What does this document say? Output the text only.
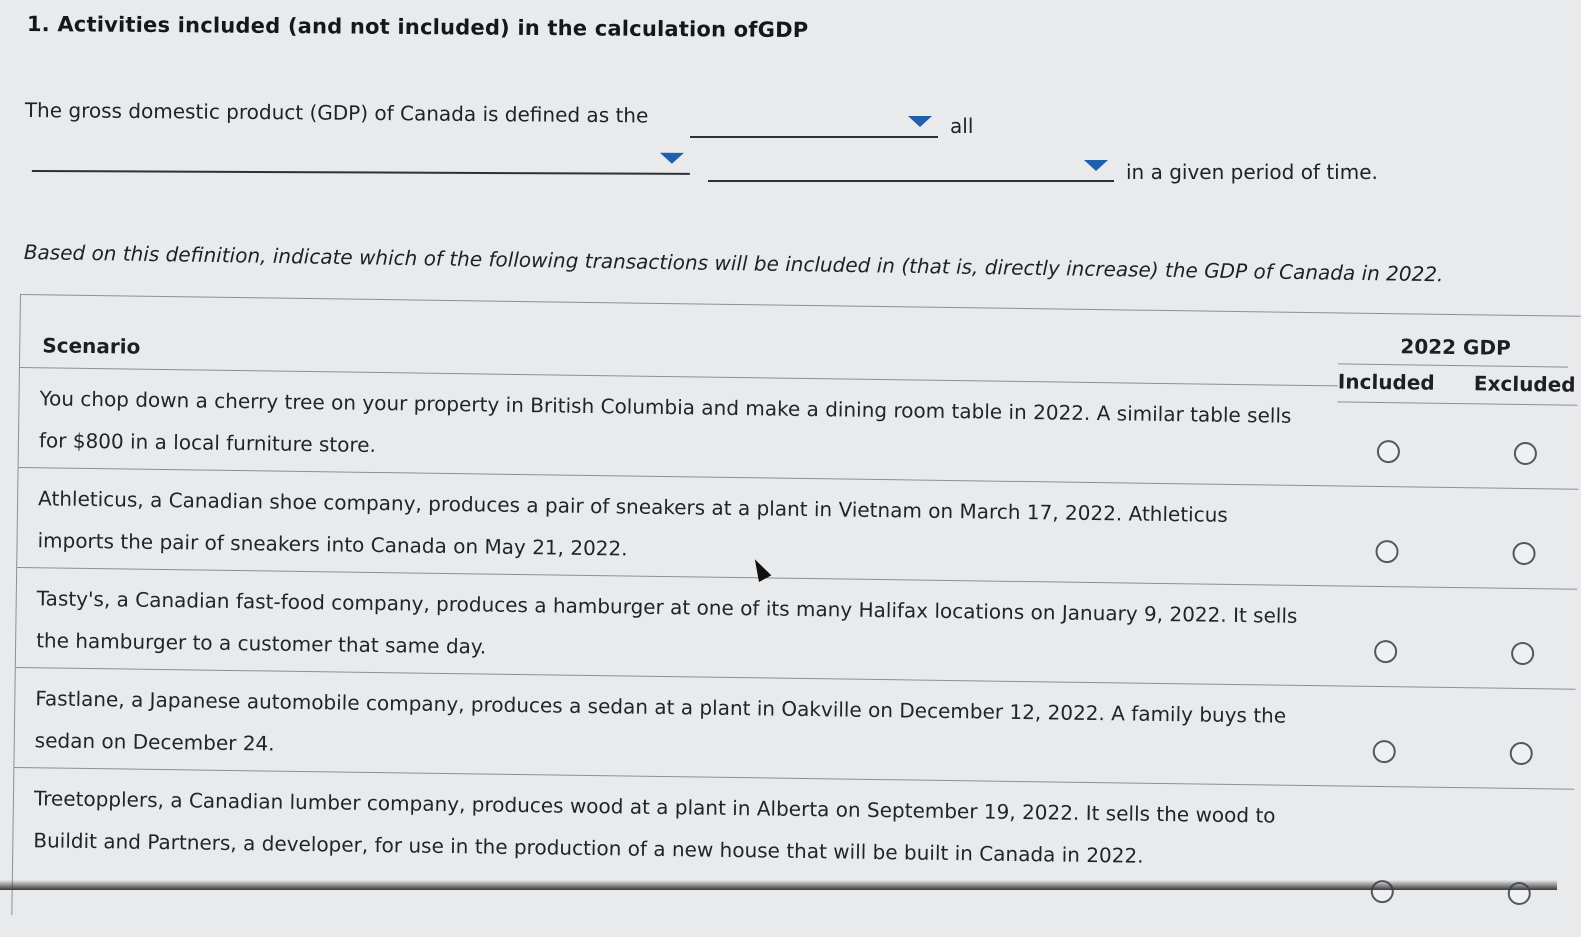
1. Activities included (and not included) in the calculation ofGDP
The gross domestic product (GDP) of Canada is defined as the	all
in a given period of time.
Based on this definition, indicate which of the following transactions will be included in (that is, directly increase) the GDP of Canada in 2022.
Scenario	2022 GDP
Included Excluded
You chop down a cherry tree on your property in British Columbia and make a dining room table in 2022. A similar table sells for $800 in a local furniture store.
Athleticus, a Canadian shoe company, produces a pair of sneakers at a plant in Vietnam on March 17, 2022. Athleticus imports the pair of sneakers into Canada on May 21, 2022.
Tasty's, a Canadian fast-food company, produces a hamburger at one of its many Halifax locations on January 9, 2022. It sells the hamburger to a customer that same day.
Fastlane, a Japanese automobile company, produces a sedan at a plant in Oakville on December 12, 2022. A family buys the sedan on December 24.
Treetopplers, a Canadian lumber company, produces wood at a plant in Alberta on September 19, 2022. It sells the wood to Buildit and Partners, a developer, for use in the production of a new house that will be built in Canada in 2022.
